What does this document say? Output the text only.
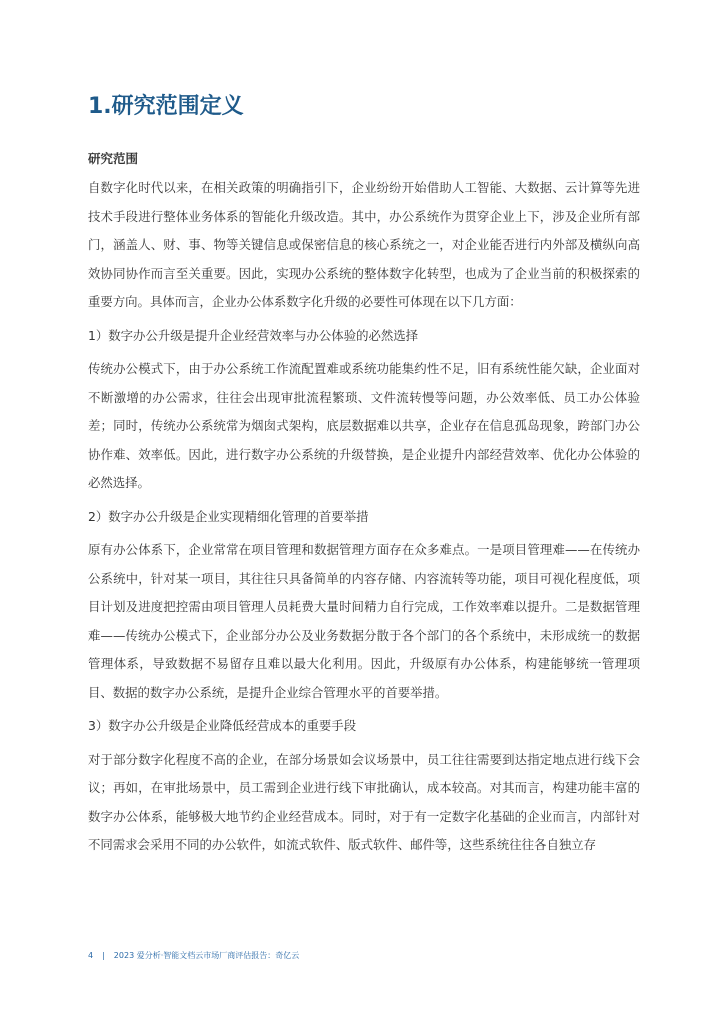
1.研究范围定义
研究范围

自数字化时代以来，在相关政策的明确指引下，企业纷纷开始借助人工智能、大数据、云计算等先进技术手段进行整体业务体系的智能化升级改造。其中，办公系统作为贯穿企业上下，涉及企业所有部门，涵盖人、财、事、物等关键信息或保密信息的核心系统之一，对企业能否进行内外部及横纵向高效协同协作而言至关重要。因此，实现办公系统的整体数字化转型，也成为了企业当前的积极探索的重要方向。具体而言，企业办公体系数字化升级的必要性可体现在以下几方面：

1）数字办公升级是提升企业经营效率与办公体验的必然选择

传统办公模式下，由于办公系统工作流配置难或系统功能集约性不足，旧有系统性能欠缺，企业面对不断激增的办公需求，往往会出现审批流程繁琐、文件流转慢等问题，办公效率低、员工办公体验差；同时，传统办公系统常为烟囱式架构，底层数据难以共享，企业存在信息孤岛现象，跨部门办公协作难、效率低。因此，进行数字办公系统的升级替换，是企业提升内部经营效率、优化办公体验的必然选择。

2）数字办公升级是企业实现精细化管理的首要举措

原有办公体系下，企业常常在项目管理和数据管理方面存在众多难点。一是项目管理难——在传统办公系统中，针对某一项目，其往往只具备简单的内容存储、内容流转等功能，项目可视化程度低，项目计划及进度把控需由项目管理人员耗费大量时间精力自行完成，工作效率难以提升。二是数据管理难——传统办公模式下，企业部分办公及业务数据分散于各个部门的各个系统中，未形成统一的数据管理体系，导致数据不易留存且难以最大化利用。因此，升级原有办公体系，构建能够统一管理项目、数据的数字办公系统，是提升企业综合管理水平的首要举措。

3）数字办公升级是企业降低经营成本的重要手段

对于部分数字化程度不高的企业，在部分场景如会议场景中，员工往往需要到达指定地点进行线下会议；再如，在审批场景中，员工需到企业进行线下审批确认，成本较高。对其而言，构建功能丰富的数字办公体系，能够极大地节约企业经营成本。同时，对于有一定数字化基础的企业而言，内部针对不同需求会采用不同的办公软件，如流式软件、版式软件、邮件等，这些系统往往各自独立存

4 | 2023 爱分析·智能文档云市场厂商评估报告：奇亿云
